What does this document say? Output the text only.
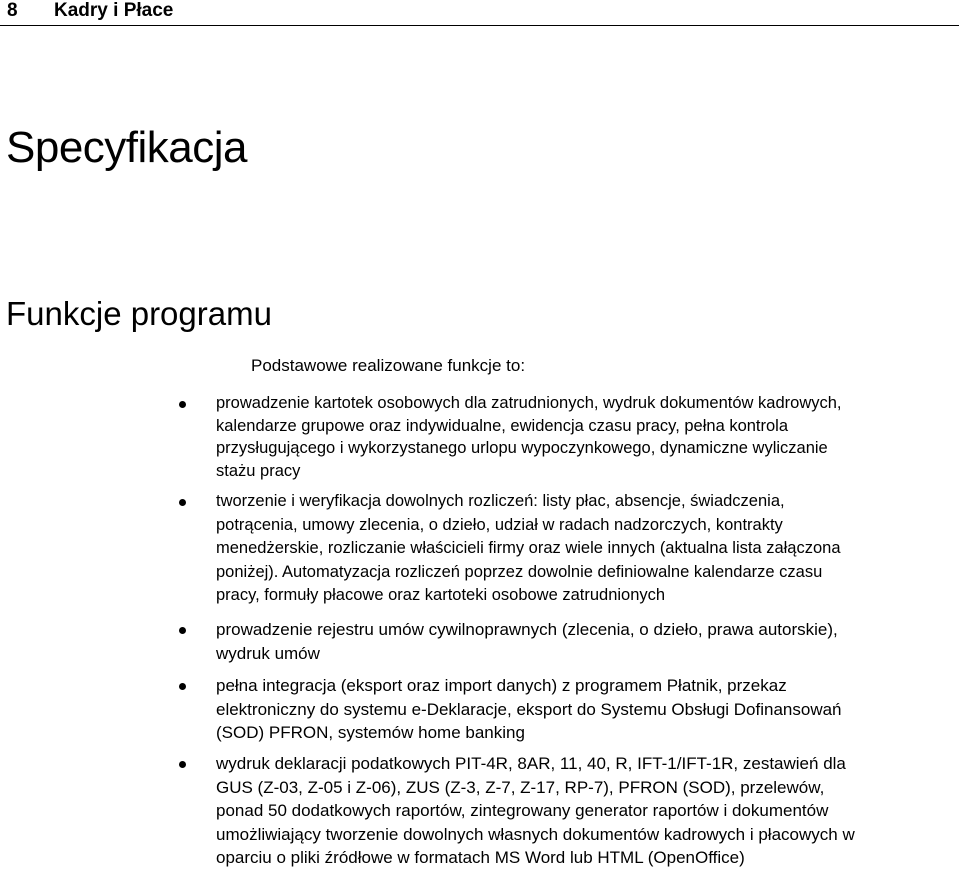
8 Kadry i Płace
Specyfikacja
Funkcje programu
Podstawowe realizowane funkcje to:
prowadzenie kartotek osobowych dla zatrudnionych, wydruk dokumentów kadrowych,
kalendarze grupowe oraz indywidualne, ewidencja czasu pracy, pełna kontrola
przysługującego i wykorzystanego urlopu wypoczynkowego, dynamiczne wyliczanie
stażu pracy
tworzenie i weryfikacja dowolnych rozliczeń: listy płac, absencje, świadczenia,
potrącenia, umowy zlecenia, o dzieło, udział w radach nadzorczych, kontrakty
menedżerskie, rozliczanie właścicieli firmy oraz wiele innych (aktualna lista załączona
poniżej). Automatyzacja rozliczeń poprzez dowolnie definiowalne kalendarze czasu
pracy, formuły płacowe oraz kartoteki osobowe zatrudnionych
prowadzenie rejestru umów cywilnoprawnych (zlecenia, o dzieło, prawa autorskie),
wydruk umów
pełna integracja (eksport oraz import danych) z programem Płatnik, przekaz
elektroniczny do systemu e-Deklaracje, eksport do Systemu Obsługi Dofinansowań
(SOD) PFRON, systemów home banking
wydruk deklaracji podatkowych PIT-4R, 8AR, 11, 40, R, IFT-1/IFT-1R, zestawień dla
GUS (Z-03, Z-05 i Z-06), ZUS (Z-3, Z-7, Z-17, RP-7), PFRON (SOD), przelewów,
ponad 50 dodatkowych raportów, zintegrowany generator raportów i dokumentów
umożliwiający tworzenie dowolnych własnych dokumentów kadrowych i płacowych w
oparciu o pliki źródłowe w formatach MS Word lub HTML (OpenOffice)
